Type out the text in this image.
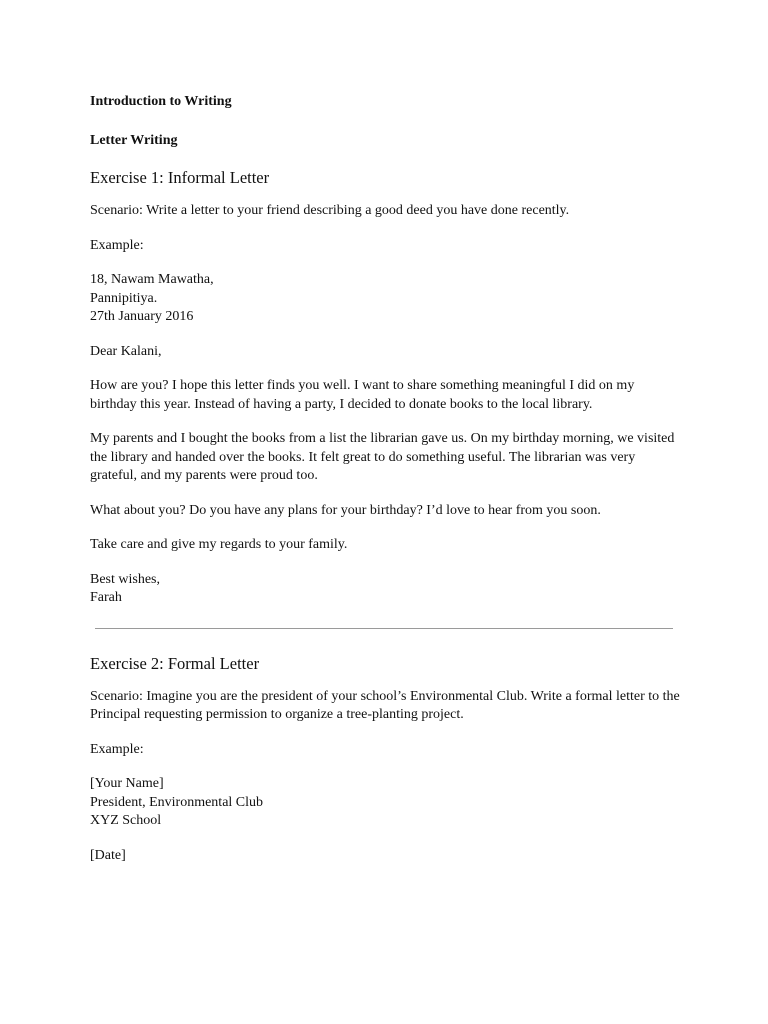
Introduction to Writing
Letter Writing
Exercise 1: Informal Letter

Scenario: Write a letter to your friend describing a good deed you have done recently.

Example:

18, Nawam Mawatha,
Pannipitiya.
27th January 2016

Dear Kalani,

How are you? I hope this letter finds you well. I want to share something meaningful I did on my birthday this year. Instead of having a party, I decided to donate books to the local library.

My parents and I bought the books from a list the librarian gave us. On my birthday morning, we visited the library and handed over the books. It felt great to do something useful. The librarian was very grateful, and my parents were proud too.

What about you? Do you have any plans for your birthday? I’d love to hear from you soon.

Take care and give my regards to your family.

Best wishes,
Farah

Exercise 2: Formal Letter

Scenario: Imagine you are the president of your school’s Environmental Club. Write a formal letter to the Principal requesting permission to organize a tree-planting project.

Example:

[Your Name]
President, Environmental Club
XYZ School

[Date]
